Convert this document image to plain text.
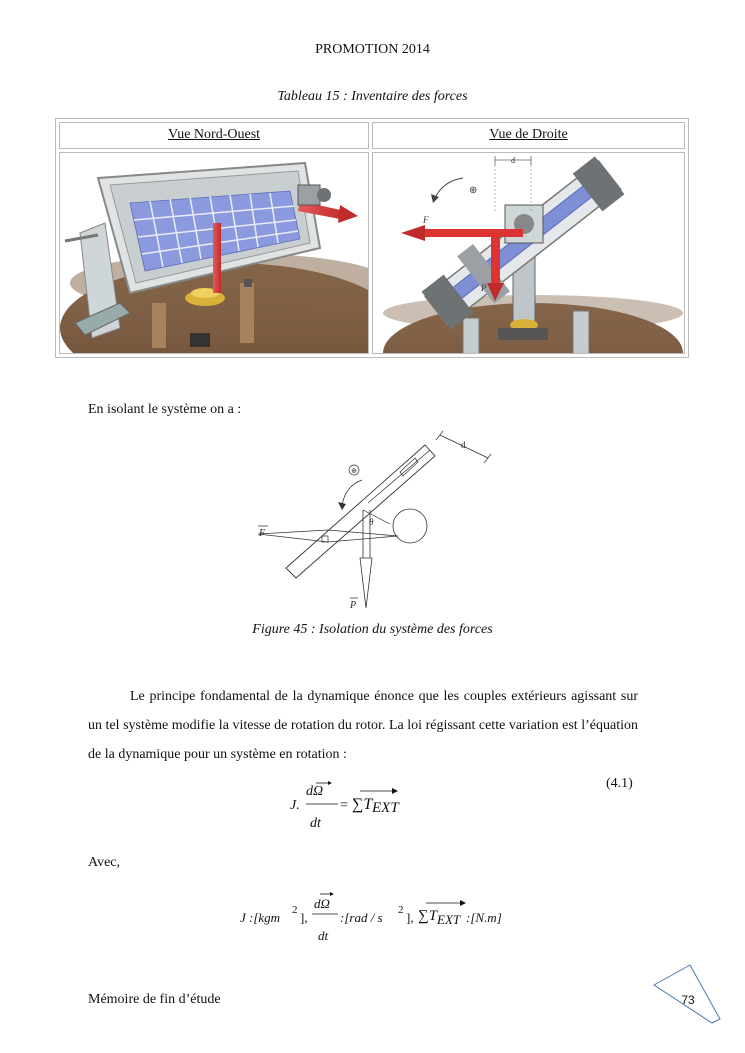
PROMOTION 2014
Tableau 15 : Inventaire des forces
Vue Nord-Ouest	Vue de Droite
d
⊕
F
P
En isolant le système on a :
d
⊕
θ
F
P
Figure 45 : Isolation du système des forces
Le principe fondamental de la dynamique énonce que les couples extérieurs agissant sur un tel système modifie la vitesse de rotation du rotor. La loi régissant cette variation est l’équation de la dynamique pour un système en rotation :
J.
dΩ
dt
= ∑T EXT
(4.1)
Avec,
J :[kgm 2 ],
dΩ
dt
:[rad / s 2 ], ∑T EXT :[N.m]
Mémoire de fin d’étude	73
